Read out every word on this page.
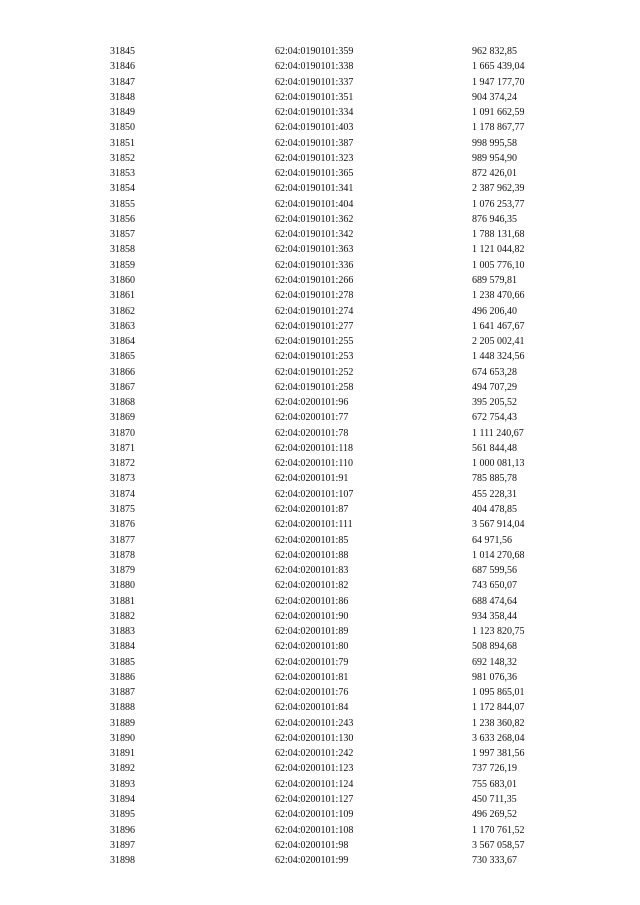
31845	62:04:0190101:359	962 832,85
31846	62:04:0190101:338	1 665 439,04
31847	62:04:0190101:337	1 947 177,70
31848	62:04:0190101:351	904 374,24
31849	62:04:0190101:334	1 091 662,59
31850	62:04:0190101:403	1 178 867,77
31851	62:04:0190101:387	998 995,58
31852	62:04:0190101:323	989 954,90
31853	62:04:0190101:365	872 426,01
31854	62:04:0190101:341	2 387 962,39
31855	62:04:0190101:404	1 076 253,77
31856	62:04:0190101:362	876 946,35
31857	62:04:0190101:342	1 788 131,68
31858	62:04:0190101:363	1 121 044,82
31859	62:04:0190101:336	1 005 776,10
31860	62:04:0190101:266	689 579,81
31861	62:04:0190101:278	1 238 470,66
31862	62:04:0190101:274	496 206,40
31863	62:04:0190101:277	1 641 467,67
31864	62:04:0190101:255	2 205 002,41
31865	62:04:0190101:253	1 448 324,56
31866	62:04:0190101:252	674 653,28
31867	62:04:0190101:258	494 707,29
31868	62:04:0200101:96	395 205,52
31869	62:04:0200101:77	672 754,43
31870	62:04:0200101:78	1 111 240,67
31871	62:04:0200101:118	561 844,48
31872	62:04:0200101:110	1 000 081,13
31873	62:04:0200101:91	785 885,78
31874	62:04:0200101:107	455 228,31
31875	62:04:0200101:87	404 478,85
31876	62:04:0200101:111	3 567 914,04
31877	62:04:0200101:85	64 971,56
31878	62:04:0200101:88	1 014 270,68
31879	62:04:0200101:83	687 599,56
31880	62:04:0200101:82	743 650,07
31881	62:04:0200101:86	688 474,64
31882	62:04:0200101:90	934 358,44
31883	62:04:0200101:89	1 123 820,75
31884	62:04:0200101:80	508 894,68
31885	62:04:0200101:79	692 148,32
31886	62:04:0200101:81	981 076,36
31887	62:04:0200101:76	1 095 865,01
31888	62:04:0200101:84	1 172 844,07
31889	62:04:0200101:243	1 238 360,82
31890	62:04:0200101:130	3 633 268,04
31891	62:04:0200101:242	1 997 381,56
31892	62:04:0200101:123	737 726,19
31893	62:04:0200101:124	755 683,01
31894	62:04:0200101:127	450 711,35
31895	62:04:0200101:109	496 269,52
31896	62:04:0200101:108	1 170 761,52
31897	62:04:0200101:98	3 567 058,57
31898	62:04:0200101:99	730 333,67
